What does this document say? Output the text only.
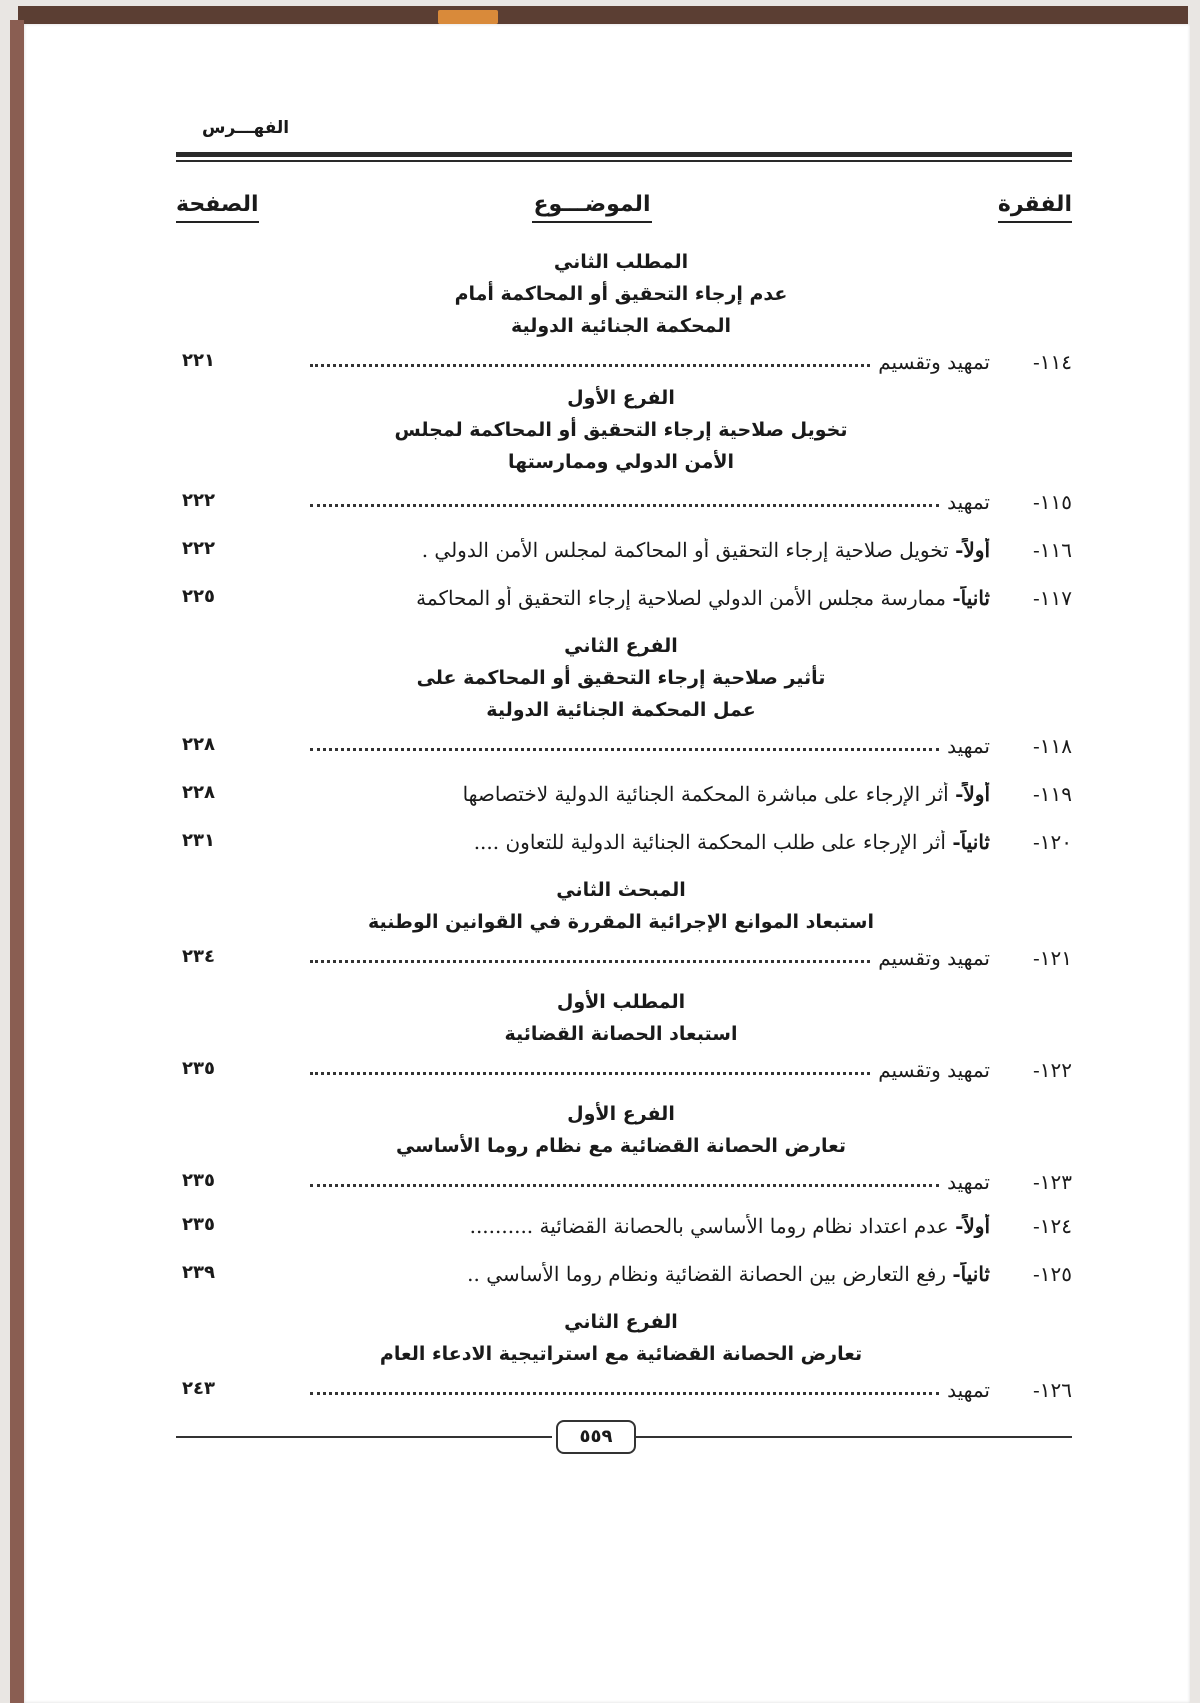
الفهـــرس
الفقرة
الموضـــوع
الصفحة
المطلب الثاني
عدم إرجاء التحقيق أو المحاكمة أمام
المحكمة الجنائية الدولية
١١٤-
تمهيد وتقسيم
٢٢١
الفرع الأول
تخويل صلاحية إرجاء التحقيق أو المحاكمة لمجلس
الأمن الدولي وممارستها
١١٥-
تمهيد
٢٢٢
١١٦-
أولاً- تخويل صلاحية إرجاء التحقيق أو المحاكمة لمجلس الأمن الدولي .
٢٢٢
١١٧-
ثانياً- ممارسة مجلس الأمن الدولي لصلاحية إرجاء التحقيق أو المحاكمة
٢٢٥
الفرع الثاني
تأثير صلاحية إرجاء التحقيق أو المحاكمة على
عمل المحكمة الجنائية الدولية
١١٨-
تمهيد
٢٢٨
١١٩-
أولاً- أثر الإرجاء على مباشرة المحكمة الجنائية الدولية لاختصاصها
٢٢٨
١٢٠-
ثانياً- أثر الإرجاء على طلب المحكمة الجنائية الدولية للتعاون ....
٢٣١
المبحث الثاني
استبعاد الموانع الإجرائية المقررة في القوانين الوطنية
١٢١-
تمهيد وتقسيم
٢٣٤
المطلب الأول
استبعاد الحصانة القضائية
١٢٢-
تمهيد وتقسيم
٢٣٥
الفرع الأول
تعارض الحصانة القضائية مع نظام روما الأساسي
١٢٣-
تمهيد
٢٣٥
١٢٤-
أولاً- عدم اعتداد نظام روما الأساسي بالحصانة القضائية ..........
٢٣٥
١٢٥-
ثانياً- رفع التعارض بين الحصانة القضائية ونظام روما الأساسي ..
٢٣٩
الفرع الثاني
تعارض الحصانة القضائية مع استراتيجية الادعاء العام
١٢٦-
تمهيد
٢٤٣
٥٥٩
